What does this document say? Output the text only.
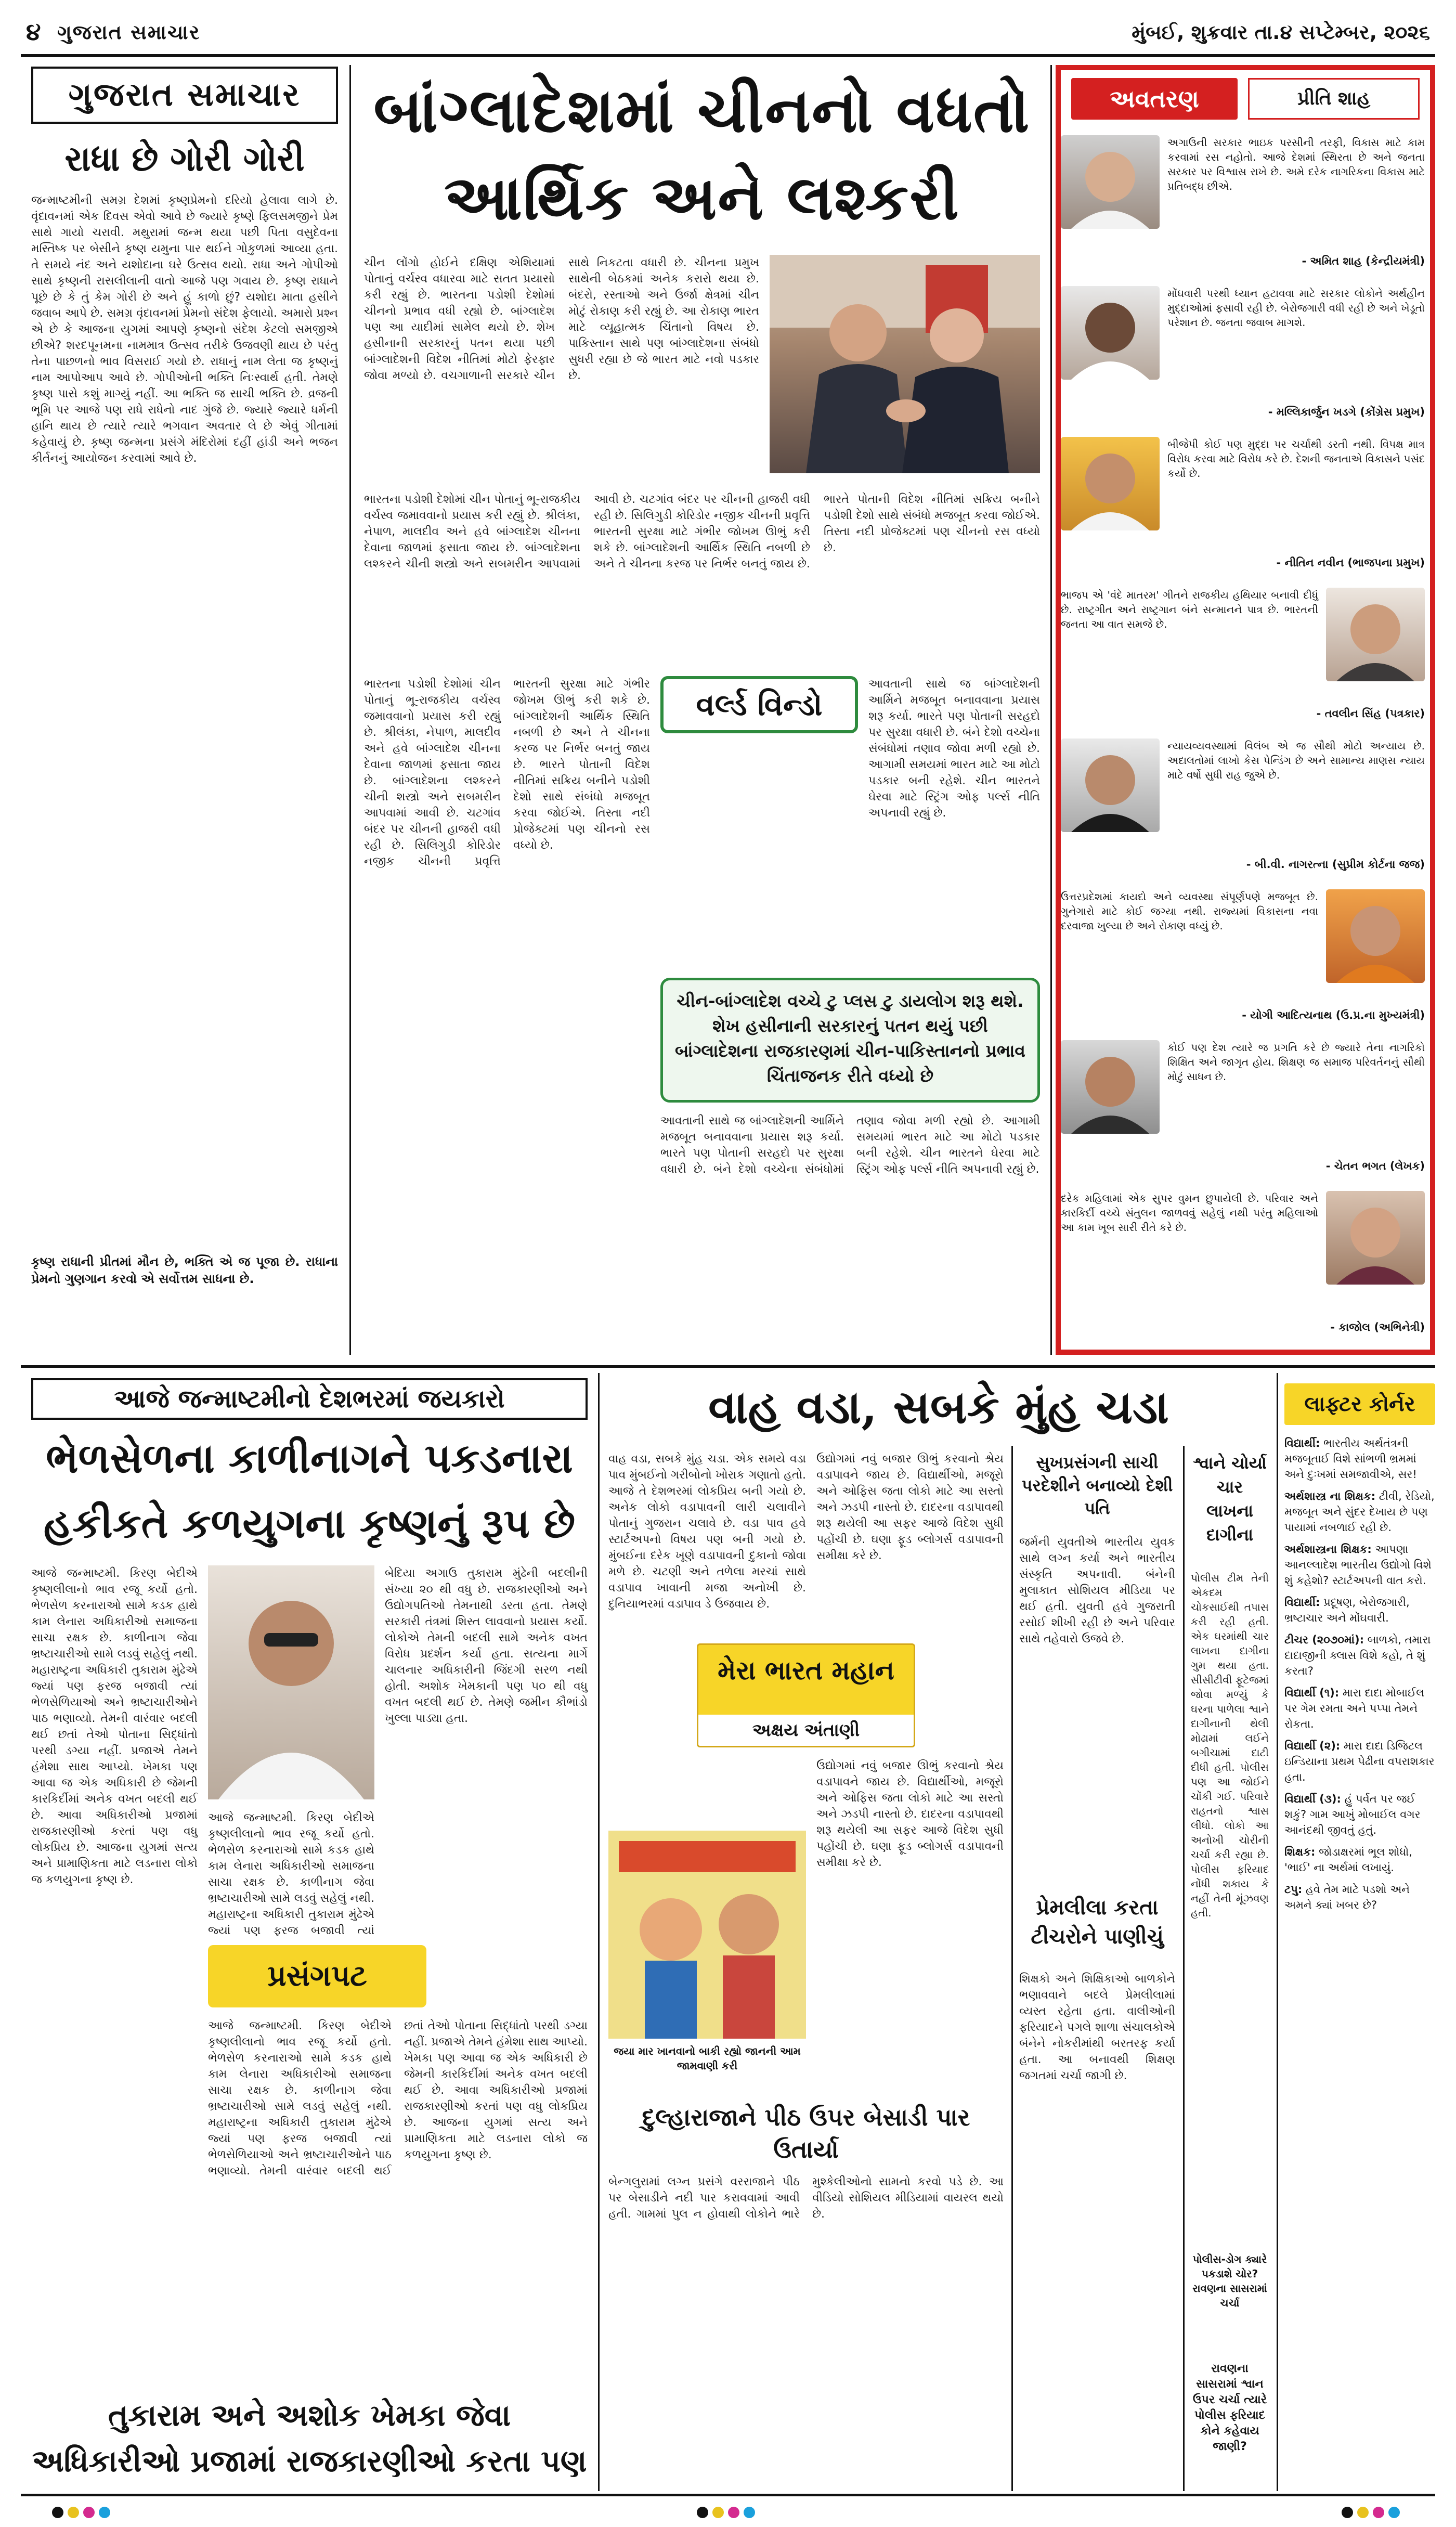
૪ ગુજરાત સમાચાર	મુંબઈ, શુક્રવાર તા.૪ સપ્ટેમ્બર, ૨૦૨૬
ગુજરાત સમાચાર
રાધા છે ગોરી ગોરી
જન્માષ્ટમીની સમગ્ર દેશમાં કૃષ્ણપ્રેમનો દરિયો હેલાવા લાગે છે. વૃંદાવનમાં એક દિવસ એવો આવે છે જ્યારે કૃષ્ણે ફિલસમજીને પ્રેમ સાથે ગાયો ચરાવી. મથુરામાં જન્મ થયા પછી પિતા વસુદેવના મસ્તિષ્ક પર બેસીને કૃષ્ણ યમુના પાર થઈને ગોકુળમાં આવ્યા હતા. તે સમયે નંદ અને યશોદાના ઘરે ઉત્સવ થયો. રાધા અને ગોપીઓ સાથે કૃષ્ણની રાસલીલાની વાતો આજે પણ ગવાય છે. કૃષ્ણ રાધાને પૂછે છે કે તું કેમ ગોરી છે અને હું કાળો છું? યશોદા માતા હસીને જવાબ આપે છે. સમગ્ર વૃંદાવનમાં પ્રેમનો સંદેશ ફેલાયો. અમારો પ્રશ્ન એ છે કે આજના યુગમાં આપણે કૃષ્ણનો સંદેશ કેટલો સમજીએ છીએ? શરદપૂનમના નામમાત્ર ઉત્સવ તરીકે ઉજવણી થાય છે પરંતુ તેના પાછળનો ભાવ વિસરાઈ ગયો છે. રાધાનું નામ લેતા જ કૃષ્ણનું નામ આપોઆપ આવે છે. ગોપીઓની ભક્તિ નિઃસ્વાર્થ હતી. તેમણે કૃષ્ણ પાસે કશું માગ્યું નહીં. આ ભક્તિ જ સાચી ભક્તિ છે. વ્રજની ભૂમિ પર આજે પણ રાધે રાધેનો નાદ ગુંજે છે. જ્યારે જ્યારે ધર્મની હાનિ થાય છે ત્યારે ત્યારે ભગવાન અવતાર લે છે એવું ગીતામાં કહેવાયું છે. કૃષ્ણ જન્મના પ્રસંગે મંદિરોમાં દહીં હાંડી અને ભજન કીર્તનનું આયોજન કરવામાં આવે છે.
કૃષ્ણ રાધાની પ્રીતમાં મૌન છે, ભક્તિ એ જ પૂજા છે. રાધાના પ્રેમનો ગુણગાન કરવો એ સર્વોત્તમ સાધના છે.
બાંગ્લાદેશમાં ચીનનો વધતો આર્થિક અને લશ્કરી
ચીન લોંગો હોઈને દક્ષિણ એશિયામાં પોતાનું વર્ચસ્વ વધારવા માટે સતત પ્રયાસો કરી રહ્યું છે. ભારતના પડોશી દેશોમાં ચીનનો પ્રભાવ વધી રહ્યો છે. બાંગ્લાદેશ પણ આ યાદીમાં સામેલ થયો છે. શેખ હસીનાની સરકારનું પતન થયા પછી બાંગ્લાદેશની વિદેશ નીતિમાં મોટો ફેરફાર જોવા મળ્યો છે. વચગાળાની સરકારે ચીન સાથે નિકટતા વધારી છે. ચીનના પ્રમુખ સાથેની બેઠકમાં અનેક કરારો થયા છે. બંદરો, રસ્તાઓ અને ઉર્જા ક્ષેત્રમાં ચીન મોટું રોકાણ કરી રહ્યું છે. આ રોકાણ ભારત માટે વ્યૂહાત્મક ચિંતાનો વિષય છે. પાકિસ્તાન સાથે પણ બાંગ્લાદેશના સંબંધો સુધરી રહ્યા છે જે ભારત માટે નવો પડકાર છે.
ભારતના પડોશી દેશોમાં ચીન પોતાનું ભૂ-રાજકીય વર્ચસ્વ જમાવવાનો પ્રયાસ કરી રહ્યું છે. શ્રીલંકા, નેપાળ, માલદીવ અને હવે બાંગ્લાદેશ ચીનના દેવાના જાળમાં ફસાતા જાય છે. બાંગ્લાદેશના લશ્કરને ચીની શસ્ત્રો અને સબમરીન આપવામાં આવી છે. ચટગાંવ બંદર પર ચીનની હાજરી વધી રહી છે. સિલિગુડી કોરિડોર નજીક ચીનની પ્રવૃત્તિ ભારતની સુરક્ષા માટે ગંભીર જોખમ ઊભું કરી શકે છે. બાંગ્લાદેશની આર્થિક સ્થિતિ નબળી છે અને તે ચીનના કરજ પર નિર્ભર બનતું જાય છે. ભારતે પોતાની વિદેશ નીતિમાં સક્રિય બનીને પડોશી દેશો સાથે સંબંધો મજબૂત કરવા જોઈએ. તિસ્તા નદી પ્રોજેક્ટમાં પણ ચીનનો રસ વધ્યો છે.
વર્લ્ડ વિન્ડો
ભારતના પડોશી દેશોમાં ચીન પોતાનું ભૂ-રાજકીય વર્ચસ્વ જમાવવાનો પ્રયાસ કરી રહ્યું છે. શ્રીલંકા, નેપાળ, માલદીવ અને હવે બાંગ્લાદેશ ચીનના દેવાના જાળમાં ફસાતા જાય છે. બાંગ્લાદેશના લશ્કરને ચીની શસ્ત્રો અને સબમરીન આપવામાં આવી છે. ચટગાંવ બંદર પર ચીનની હાજરી વધી રહી છે. સિલિગુડી કોરિડોર નજીક ચીનની પ્રવૃત્તિ ભારતની સુરક્ષા માટે ગંભીર જોખમ ઊભું કરી શકે છે. બાંગ્લાદેશની આર્થિક સ્થિતિ નબળી છે અને તે ચીનના કરજ પર નિર્ભર બનતું જાય છે. ભારતે પોતાની વિદેશ નીતિમાં સક્રિય બનીને પડોશી દેશો સાથે સંબંધો મજબૂત કરવા જોઈએ. તિસ્તા નદી પ્રોજેક્ટમાં પણ ચીનનો રસ વધ્યો છે.
આવતાની સાથે જ બાંગ્લાદેશની આર્મિને મજબૂત બનાવવાના પ્રયાસ શરૂ કર્યા. ભારતે પણ પોતાની સરહદો પર સુરક્ષા વધારી છે. બંને દેશો વચ્ચેના સંબંધોમાં તણાવ જોવા મળી રહ્યો છે. આગામી સમયમાં ભારત માટે આ મોટો પડકાર બની રહેશે. ચીન ભારતને ઘેરવા માટે સ્ટ્રિંગ ઓફ પર્લ્સ નીતિ અપનાવી રહ્યું છે.
ચીન-બાંગ્લાદેશ વચ્ચે ટુ પ્લસ ટુ ડાયલોગ શરૂ થશે. શેખ હસીનાની સરકારનું પતન થયું પછી બાંગ્લાદેશના રાજકારણમાં ચીન-પાકિસ્તાનનો પ્રભાવ ચિંતાજનક રીતે વધ્યો છે
આવતાની સાથે જ બાંગ્લાદેશની આર્મિને મજબૂત બનાવવાના પ્રયાસ શરૂ કર્યા. ભારતે પણ પોતાની સરહદો પર સુરક્ષા વધારી છે. બંને દેશો વચ્ચેના સંબંધોમાં તણાવ જોવા મળી રહ્યો છે. આગામી સમયમાં ભારત માટે આ મોટો પડકાર બની રહેશે. ચીન ભારતને ઘેરવા માટે સ્ટ્રિંગ ઓફ પર્લ્સ નીતિ અપનાવી રહ્યું છે.
અવતરણ	પ્રીતિ શાહ
અગાઉની સરકાર ભાઇક પરસીની તરફી, વિકાસ માટે કામ કરવામાં રસ નહોતો. આજે દેશમાં સ્થિરતા છે અને જનતા સરકાર પર વિશ્વાસ રાખે છે. અમે દરેક નાગરિકના વિકાસ માટે પ્રતિબદ્ધ છીએ.
- અમિત શાહ (કેન્દ્રીયમંત્રી)
મોંઘવારી પરથી ધ્યાન હટાવવા માટે સરકાર લોકોને અર્થહીન મુદ્દાઓમાં ફસાવી રહી છે. બેરોજગારી વધી રહી છે અને ખેડૂતો પરેશાન છે. જનતા જવાબ માગશે.
- મલ્લિકાર્જુન ખડગે (કોંગ્રેસ પ્રમુખ)
બીજેપી કોઈ પણ મુદ્દા પર ચર્ચાથી ડરતી નથી. વિપક્ષ માત્ર વિરોધ કરવા માટે વિરોધ કરે છે. દેશની જનતાએ વિકાસને પસંદ કર્યો છે.
- નીતિન નવીન (ભાજપના પ્રમુખ)
ભાજપ એ 'વંદે માતરમ' ગીતને રાજકીય હથિયાર બનાવી દીધું છે. રાષ્ટ્રગીત અને રાષ્ટ્રગાન બંને સન્માનને પાત્ર છે. ભારતની જનતા આ વાત સમજે છે.
- તવલીન સિંહ (પત્રકાર)
ન્યાયવ્યવસ્થામાં વિલંબ એ જ સૌથી મોટો અન્યાય છે. અદાલતોમાં લાખો કેસ પેન્ડિંગ છે અને સામાન્ય માણસ ન્યાય માટે વર્ષો સુધી રાહ જુએ છે.
- બી.વી. નાગરત્ના (સુપ્રીમ કોર્ટના જજ)
ઉત્તરપ્રદેશમાં કાયદો અને વ્યવસ્થા સંપૂર્ણપણે મજબૂત છે. ગુનેગારો માટે કોઈ જગ્યા નથી. રાજ્યમાં વિકાસના નવા દરવાજા ખુલ્યા છે અને રોકાણ વધ્યું છે.
- યોગી આદિત્યનાથ (ઉ.પ્ર.ના મુખ્યમંત્રી)
કોઈ પણ દેશ ત્યારે જ પ્રગતિ કરે છે જ્યારે તેના નાગરિકો શિક્ષિત અને જાગૃત હોય. શિક્ષણ જ સમાજ પરિવર્તનનું સૌથી મોટું સાધન છે.
- ચેતન ભગત (લેખક)
દરેક મહિલામાં એક સુપર વુમન છુપાયેલી છે. પરિવાર અને કારકિર્દી વચ્ચે સંતુલન જાળવવું સહેલું નથી પરંતુ મહિલાઓ આ કામ ખૂબ સારી રીતે કરે છે.
- કાજોલ (અભિનેત્રી)
આજે જન્માષ્ટમીનો દેશભરમાં જયકારો
ભેળસેળના કાળીનાગને પકડનારા
હકીકતે કળયુગના કૃષ્ણનું રૂપ છે
આજે જન્માષ્ટમી. કિરણ બેદીએ કૃષ્ણલીલાનો ભાવ રજૂ કર્યો હતો. ભેળસેળ કરનારાઓ સામે કડક હાથે કામ લેનારા અધિકારીઓ સમાજના સાચા રક્ષક છે. કાળીનાગ જેવા ભ્રષ્ટાચારીઓ સામે લડવું સહેલું નથી. મહારાષ્ટ્રના અધિકારી તુકારામ મુંઢેએ જ્યાં પણ ફરજ બજાવી ત્યાં ભેળસેળિયાઓ અને ભ્રષ્ટાચારીઓને પાઠ ભણાવ્યો. તેમની વારંવાર બદલી થઈ છતાં તેઓ પોતાના સિદ્ધાંતો પરથી ડગ્યા નહીં. પ્રજાએ તેમને હંમેશા સાથ આપ્યો. ખેમકા પણ આવા જ એક અધિકારી છે જેમની કારકિર્દીમાં અનેક વખત બદલી થઈ છે. આવા અધિકારીઓ પ્રજામાં રાજકારણીઓ કરતાં પણ વધુ લોકપ્રિય છે. આજના યુગમાં સત્ય અને પ્રામાણિકતા માટે લડનારા લોકો જ કળયુગના કૃષ્ણ છે.
બેદિયા અગાઉ તુકારામ મુંઢેની બદલીની સંખ્યા ૨૦ થી વધુ છે. રાજકારણીઓ અને ઉદ્યોગપતિઓ તેમનાથી ડરતા હતા. તેમણે સરકારી તંત્રમાં શિસ્ત લાવવાનો પ્રયાસ કર્યો. લોકોએ તેમની બદલી સામે અનેક વખત વિરોધ પ્રદર્શન કર્યા હતા. સત્યના માર્ગે ચાલનાર અધિકારીની જિંદગી સરળ નથી હોતી. અશોક ખેમકાની પણ ૫૦ થી વધુ વખત બદલી થઈ છે. તેમણે જમીન કૌભાંડો ખુલ્લા પાડ્યા હતા.
આજે જન્માષ્ટમી. કિરણ બેદીએ કૃષ્ણલીલાનો ભાવ રજૂ કર્યો હતો. ભેળસેળ કરનારાઓ સામે કડક હાથે કામ લેનારા અધિકારીઓ સમાજના સાચા રક્ષક છે. કાળીનાગ જેવા ભ્રષ્ટાચારીઓ સામે લડવું સહેલું નથી. મહારાષ્ટ્રના અધિકારી તુકારામ મુંઢેએ જ્યાં પણ ફરજ બજાવી ત્યાં
પ્રસંગપટ
આજે જન્માષ્ટમી. કિરણ બેદીએ કૃષ્ણલીલાનો ભાવ રજૂ કર્યો હતો. ભેળસેળ કરનારાઓ સામે કડક હાથે કામ લેનારા અધિકારીઓ સમાજના સાચા રક્ષક છે. કાળીનાગ જેવા ભ્રષ્ટાચારીઓ સામે લડવું સહેલું નથી. મહારાષ્ટ્રના અધિકારી તુકારામ મુંઢેએ જ્યાં પણ ફરજ બજાવી ત્યાં ભેળસેળિયાઓ અને ભ્રષ્ટાચારીઓને પાઠ ભણાવ્યો. તેમની વારંવાર બદલી થઈ છતાં તેઓ પોતાના સિદ્ધાંતો પરથી ડગ્યા નહીં. પ્રજાએ તેમને હંમેશા સાથ આપ્યો. ખેમકા પણ આવા જ એક અધિકારી છે જેમની કારકિર્દીમાં અનેક વખત બદલી થઈ છે. આવા અધિકારીઓ પ્રજામાં રાજકારણીઓ કરતાં પણ વધુ લોકપ્રિય છે. આજના યુગમાં સત્ય અને પ્રામાણિકતા માટે લડનારા લોકો જ કળયુગના કૃષ્ણ છે.
તુકારામ અને અશોક ખેમકા જેવા અધિકારીઓ પ્રજામાં રાજકારણીઓ કરતા પણ
વાહ વડા, સબકે મુંહ ચડા
વાહ વડા, સબકે મુંહ ચડા. એક સમયે વડા પાવ મુંબઈનો ગરીબોનો ખોરાક ગણાતો હતો. આજે તે દેશભરમાં લોકપ્રિય બની ગયો છે. અનેક લોકો વડાપાવની લારી ચલાવીને પોતાનું ગુજરાન ચલાવે છે. વડા પાવ હવે સ્ટાર્ટઅપનો વિષય પણ બની ગયો છે. મુંબઈના દરેક ખૂણે વડાપાવની દુકાનો જોવા મળે છે. ચટણી અને તળેલા મરચાં સાથે વડાપાવ ખાવાની મજા અનોખી છે. દુનિયાભરમાં વડાપાવ ડે ઉજવાય છે.
ઉદ્યોગમાં નવું બજાર ઊભું કરવાનો શ્રેય વડાપાવને જાય છે. વિદ્યાર્થીઓ, મજૂરો અને ઓફિસ જતા લોકો માટે આ સસ્તો અને ઝડપી નાસ્તો છે. દાદરના વડાપાવથી શરૂ થયેલી આ સફર આજે વિદેશ સુધી પહોંચી છે. ઘણા ફૂડ બ્લોગર્સ વડાપાવની સમીક્ષા કરે છે.
મેરા ભારત મહાન
અક્ષય અંતાણી
ઉદ્યોગમાં નવું બજાર ઊભું કરવાનો શ્રેય વડાપાવને જાય છે. વિદ્યાર્થીઓ, મજૂરો અને ઓફિસ જતા લોકો માટે આ સસ્તો અને ઝડપી નાસ્તો છે. દાદરના વડાપાવથી શરૂ થયેલી આ સફર આજે વિદેશ સુધી પહોંચી છે. ઘણા ફૂડ બ્લોગર્સ વડાપાવની સમીક્ષા કરે છે.
જયા માર ખાનવાનો બાકી રહ્યો જાનની આમ જામવાણી કરી
દુલ્હારાજાને પીઠ ઉપર બેસાડી પાર ઉતાર્યા
બેન્ગલુરામાં લગ્ન પ્રસંગે વરરાજાને પીઠ પર બેસાડીને નદી પાર કરાવવામાં આવી હતી. ગામમાં પુલ ન હોવાથી લોકોને ભારે મુશ્કેલીઓનો સામનો કરવો પડે છે. આ વીડિયો સોશિયલ મીડિયામાં વાયરલ થયો છે.
સુખપ્રસંગની સાચી પરદેશીને બનાવ્યો દેશી પતિ
જર્મની યુવતીએ ભારતીય યુવક સાથે લગ્ન કર્યા અને ભારતીય સંસ્કૃતિ અપનાવી. બંનેની મુલાકાત સોશિયલ મીડિયા પર થઈ હતી. યુવતી હવે ગુજરાતી રસોઈ શીખી રહી છે અને પરિવાર સાથે તહેવારો ઉજવે છે.
પ્રેમલીલા કરતા ટીચરોને પાણીચું
શિક્ષકો અને શિક્ષિકાઓ બાળકોને ભણાવવાને બદલે પ્રેમલીલામાં વ્યસ્ત રહેતા હતા. વાલીઓની ફરિયાદને પગલે શાળા સંચાલકોએ બંનેને નોકરીમાંથી બરતરફ કર્યા હતા. આ બનાવથી શિક્ષણ જગતમાં ચર્ચા જાગી છે.
શ્વાને ચોર્યા ચાર લાખના દાગીના
પોલીસ ટીમ તેની એકદમ ચોકસાઈથી તપાસ કરી રહી હતી. એક ઘરમાંથી ચાર લાખના દાગીના ગુમ થયા હતા. સીસીટીવી ફૂટેજમાં જોવા મળ્યું કે ઘરના પાળેલા શ્વાને દાગીનાની થેલી મોઢામાં લઈને બગીચામાં દાટી દીધી હતી. પોલીસ પણ આ જોઈને ચોંકી ગઈ. પરિવારે રાહતનો શ્વાસ લીધો. લોકો આ અનોખી ચોરીની ચર્ચા કરી રહ્યા છે. પોલીસ ફરિયાદ નોંધી શકાય કે નહીં તેની મૂંઝવણ હતી.
પોલીસ-ડોગ ક્યારે પકડાશે ચોર? રાવણના સાસરામાં ચર્ચા
રાવણના સાસરામાં શ્વાન ઉપર ચર્ચા ત્યારે પોલીસ ફરિયાદ કોને કહેવાય જાણી?
લાફ્ટર કોર્નર
વિદ્યાર્થી: ભારતીય અર્થતંત્રની મજબૂતાઈ વિશે સાંભળી ભ્રમમાં અને દુઃખમાં સમજાવીએ, સર!
અર્થશાસ્ત્ર ના શિક્ષક: ટીવી, રેડિયો, મજબૂત અને સુંદર દેખાય છે પણ પાયામાં નબળાઈ રહી છે.
અર્થશાસ્ત્રના શિક્ષક: આપણા આનલ્લાદેશ ભારતીય ઉદ્યોગો વિશે શું કહેશો? સ્ટાર્ટઅપની વાત કરો.
વિદ્યાર્થી: પ્રદૂષણ, બેરોજગારી, ભ્રષ્ટાચાર અને મોંઘવારી.
ટીચર (૨૦૭૦માં): બાળકો, તમારા દાદાજીની ક્લાસ વિશે કહો, તે શું કરતા?
વિદ્યાર્થી (૧): મારા દાદા મોબાઈલ પર ગેમ રમતા અને પપ્પા તેમને રોકતા.
વિદ્યાર્થી (૨): મારા દાદા ડિજિટલ ઇન્ડિયાના પ્રથમ પેઢીના વપરાશકાર હતા.
વિદ્યાર્થી (૩): હું પર્વત પર જઈ શકું? ગામ આખું મોબાઈલ વગર આનંદથી જીવતું હતું.
શિક્ષક: જોડાક્ષરમાં ભૂલ શોધો, 'ભાઈ' ના અર્થમાં લખાયું.
ટપુ: હવે તેમ માટે પડશો અને અમને ક્યાં ખબર છે?
